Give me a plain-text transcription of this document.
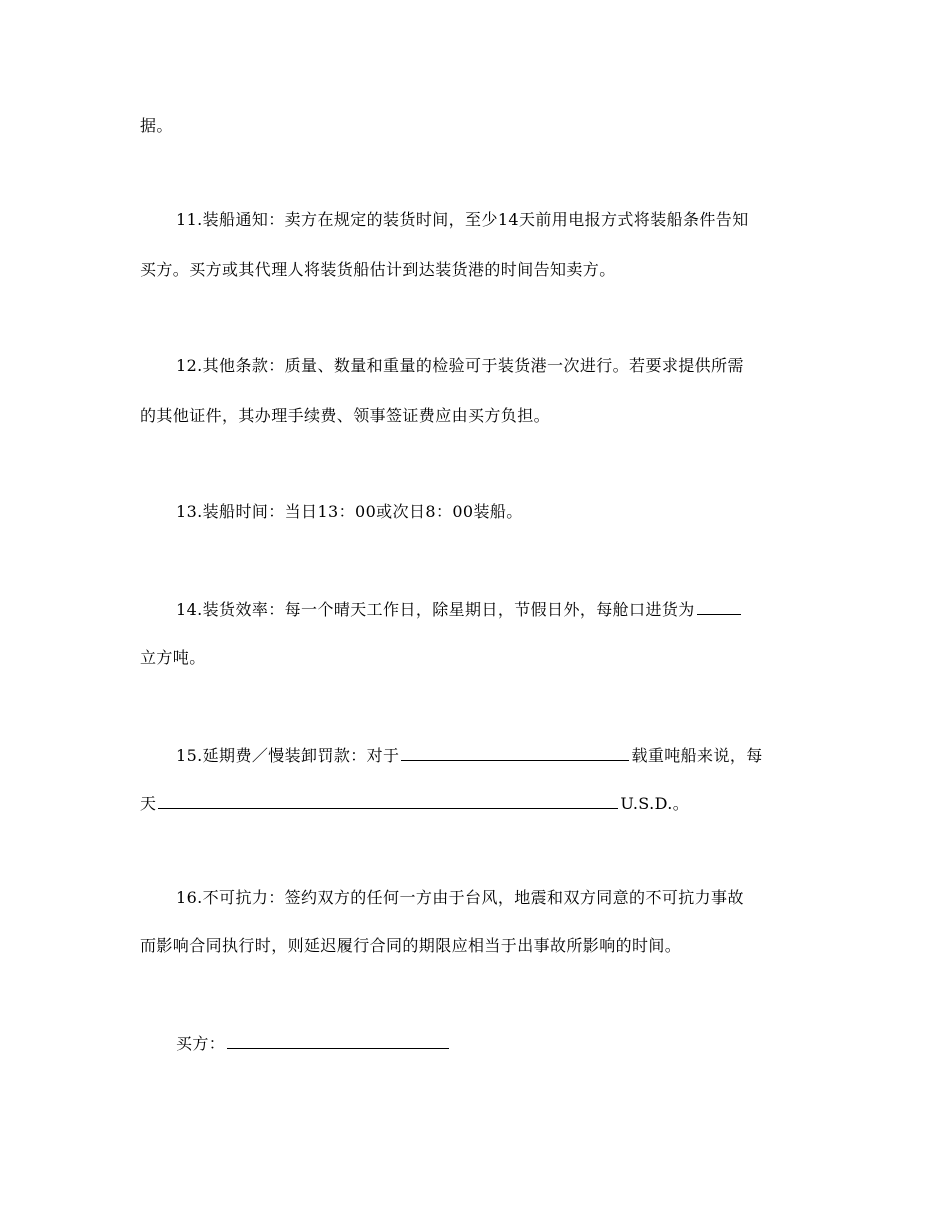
据。
11.装船通知：卖方在规定的装货时间，至少14天前用电报方式将装船条件告知
买方。买方或其代理人将装货船估计到达装货港的时间告知卖方。
12.其他条款：质量、数量和重量的检验可于装货港一次进行。若要求提供所需
的其他证件，其办理手续费、领事签证费应由买方负担。
13.装船时间：当日13：00或次日8：00装船。
14.装货效率：每一个晴天工作日，除星期日，节假日外，每舱口进货为
立方吨。
15.延期费／慢装卸罚款：对于	载重吨船来说，每
天	U.S.D.。
16.不可抗力：签约双方的任何一方由于台风，地震和双方同意的不可抗力事故
而影响合同执行时，则延迟履行合同的期限应相当于出事故所影响的时间。
买方：
